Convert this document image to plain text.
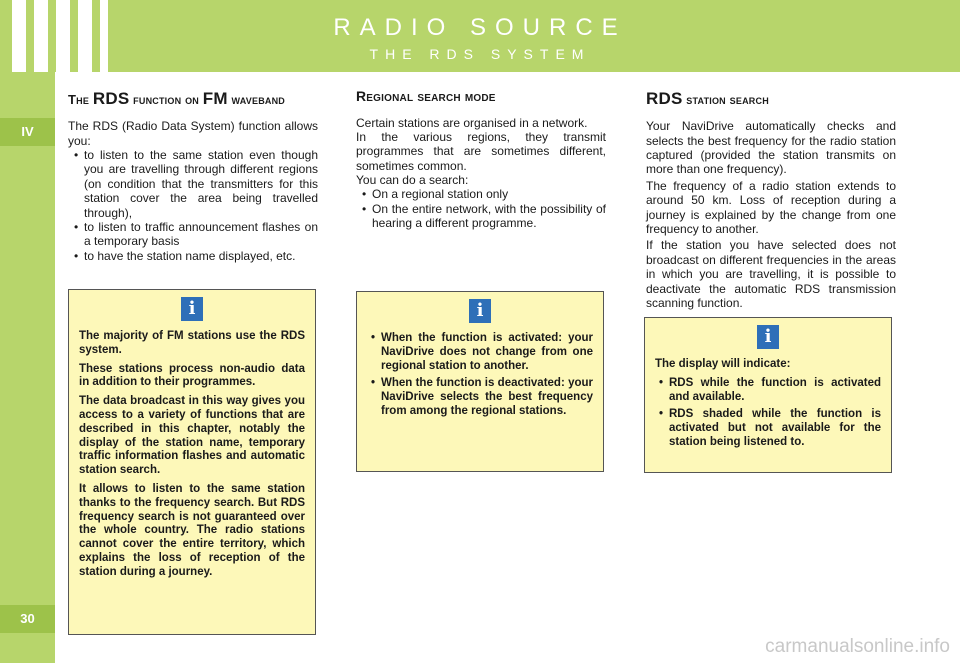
IV
30
RADIO SOURCE
THE RDS SYSTEM
The RDS function on FM waveband

The RDS (Radio Data System) function allows you:

• to listen to the same station even though you are travelling through different regions (on condition that the transmitters for this station cover the area being travelled through),
• to listen to traffic announcement flashes on a temporary basis
• to have the station name displayed, etc.
Regional search mode

Certain stations are organised in a network.

In the various regions, they transmit programmes that are sometimes different, sometimes common.

You can do a search:

• On a regional station only
• On the entire network, with the possibility of hearing a different programme.
RDS station search

Your NaviDrive automatically checks and selects the best frequency for the radio station captured (provided the station transmits on more than one frequency).

The frequency of a radio station extends to around 50 km. Loss of reception during a journey is explained by the change from one frequency to another.

If the station you have selected does not broadcast on different frequencies in the areas in which you are travelling, it is possible to deactivate the automatic RDS transmission scanning function.

i

The majority of FM stations use the RDS system.

These stations process non-audio data in addition to their programmes.

The data broadcast in this way gives you access to a variety of functions that are described in this chapter, notably the display of the station name, temporary traffic information flashes and automatic station search.

It allows to listen to the same station thanks to the frequency search. But RDS frequency search is not guaranteed over the whole country. The radio stations cannot cover the entire territory, which explains the loss of reception of the station during a journey.

i
• When the function is activated: your NaviDrive does not change from one regional station to another.
• When the function is deactivated: your NaviDrive selects the best frequency from among the regional stations.
i

The display will indicate:

• RDS while the function is activated and available.
• RDS shaded while the function is activated but not available for the station being listened to.
carmanualsonline.info
